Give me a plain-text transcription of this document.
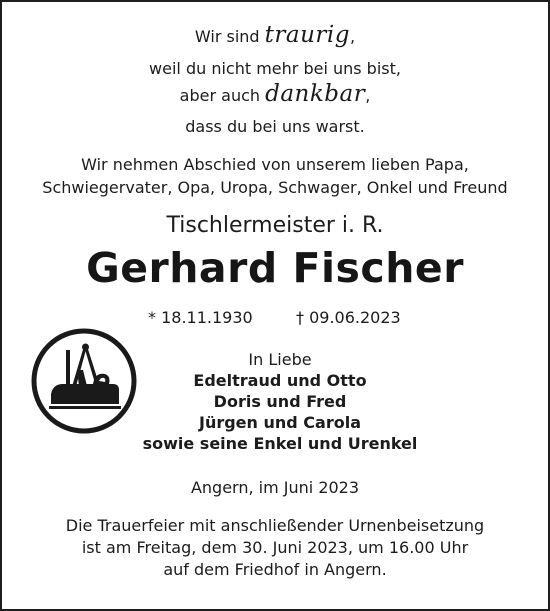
Wir sind traurig,
weil du nicht mehr bei uns bist,
aber auch dankbar,
dass du bei uns warst.
Wir nehmen Abschied von unserem lieben Papa,
Schwiegervater, Opa, Uropa, Schwager, Onkel und Freund
Tischlermeister i. R.
Gerhard Fischer
* 18.11.1930	† 09.06.2023
In Liebe
Edeltraud und Otto
Doris und Fred
Jürgen und Carola
sowie seine Enkel und Urenkel
Angern, im Juni 2023
Die Trauerfeier mit anschließender Urnenbeisetzung
ist am Freitag, dem 30. Juni 2023, um 16.00 Uhr
auf dem Friedhof in Angern.
